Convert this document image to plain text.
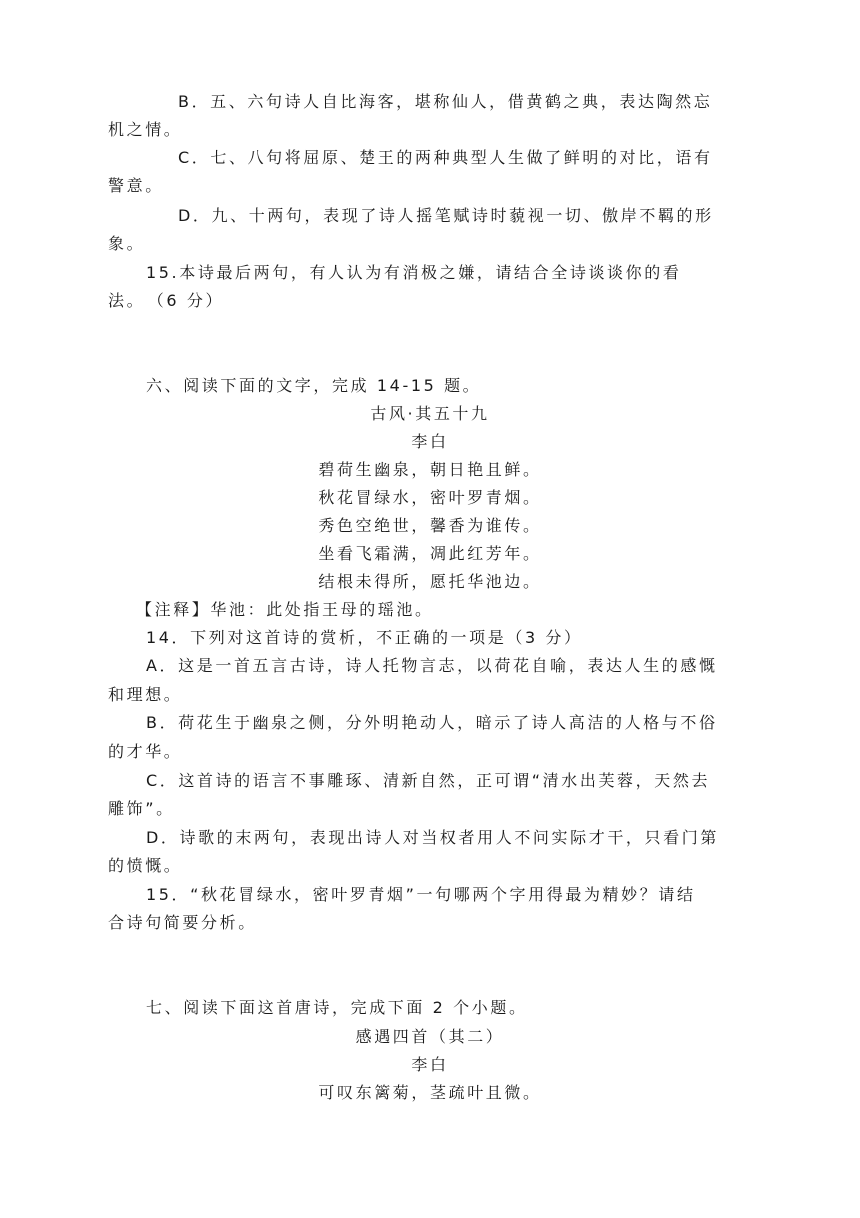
B．五、六句诗人自比海客，堪称仙人，借黄鹤之典，表达陶然忘
机之情。
C．七、八句将屈原、楚王的两种典型人生做了鲜明的对比，语有
警意。
D．九、十两句，表现了诗人摇笔赋诗时藐视一切、傲岸不羁的形
象。
15.本诗最后两句，有人认为有消极之嫌，请结合全诗谈谈你的看
法。　（6 分）
六、阅读下面的文字，完成 14-15 题。
古风·其五十九
李白
碧荷生幽泉，朝日艳且鲜。
秋花冒绿水，密叶罗青烟。
秀色空绝世，馨香为谁传。
坐看飞霜满，凋此红芳年。
结根未得所，愿托华池边。
【注释】华池：此处指王母的瑶池。
14．下列对这首诗的赏析，不正确的一项是（3 分）
A．这是一首五言古诗，诗人托物言志，以荷花自喻，表达人生的感慨
和理想。
B．荷花生于幽泉之侧，分外明艳动人，暗示了诗人高洁的人格与不俗
的才华。
C．这首诗的语言不事雕琢、清新自然，正可谓“清水出芙蓉，天然去
雕饰”。
D．诗歌的末两句，表现出诗人对当权者用人不问实际才干，只看门第
的愤慨。
15．“秋花冒绿水，密叶罗青烟”一句哪两个字用得最为精妙？请结
合诗句简要分析。
七、阅读下面这首唐诗，完成下面 2 个小题。
感遇四首（其二）
李白
可叹东篱菊，茎疏叶且微。
